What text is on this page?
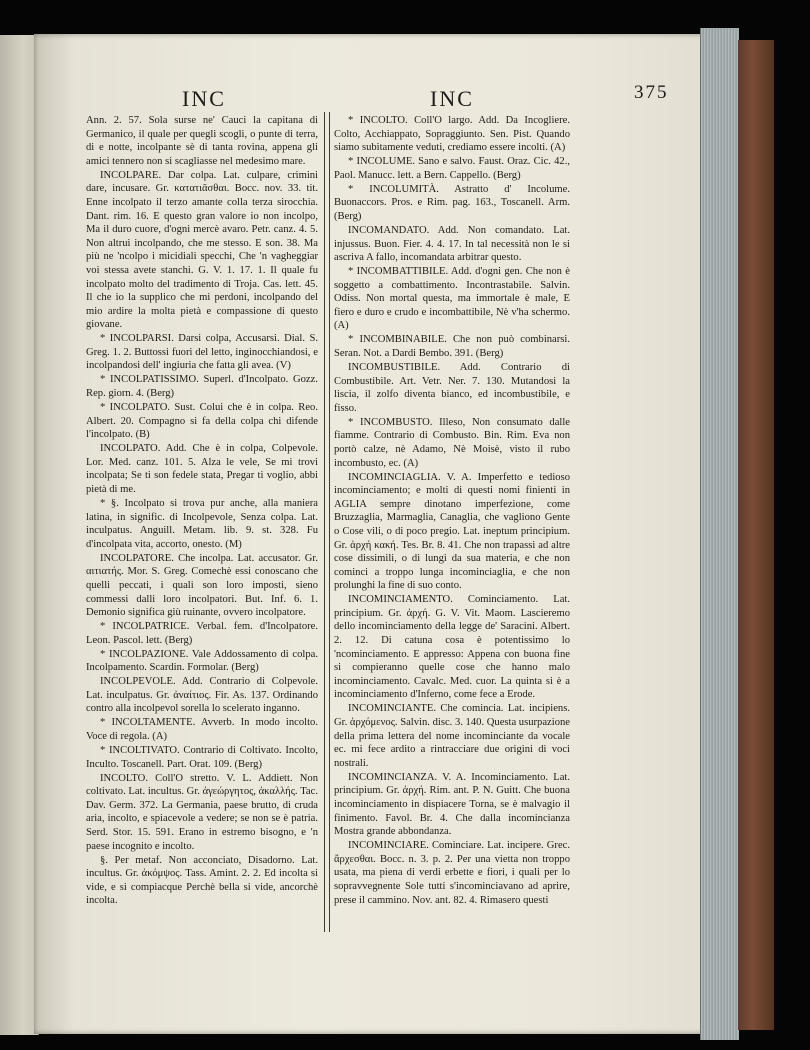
INC	INC	375

Ann. 2. 57. Sola surse ne' Cauci la capitana di Germanico, il quale per quegli scogli, o punte di terra, di e notte, incolpante sè di tanta rovina, appena gli amici tennero non si scagliasse nel medesimo mare.

INCOLPARE. Dar colpa. Lat. culpare, crimini dare, incusare. Gr. κατατιᾶσθαι. Bocc. nov. 33. tit. Enne incolpato il terzo amante colla terza sirocchia. Dant. rim. 16. E questo gran valore io non incolpo, Ma il duro cuore, d'ogni mercè avaro. Petr. canz. 4. 5. Non altrui incolpando, che me stesso. E son. 38. Ma più ne 'ncolpo i micidiali specchi, Che 'n vagheggiar voi stessa avete stanchi. G. V. 1. 17. 1. Il quale fu incolpato molto del tradimento di Troja. Cas. lett. 45. Il che io la supplico che mi perdoni, incolpando del mio ardire la molta pietà e compassione di questo giovane.

* INCOLPARSI. Darsi colpa, Accusarsi. Dial. S. Greg. 1. 2. Buttossi fuori del letto, inginocchiandosi, e incolpandosi dell' ingiuria che fatta gli avea. (V)

* INCOLPATISSIMO. Superl. d'Incolpato. Gozz. Rep. giorn. 4. (Berg)

* INCOLPATO. Sust. Colui che è in colpa. Reo. Albert. 20. Compagno si fa della colpa chi difende l'incolpato. (B)

INCOLPATO. Add. Che è in colpa, Colpevole. Lor. Med. canz. 101. 5. Alza le vele, Se mi trovi incolpata; Se ti son fedele stata, Pregar ti voglio, abbi pietà di me.

* §. Incolpato si trova pur anche, alla maniera latina, in signific. di Incolpevole, Senza colpa. Lat. inculpatus. Anguill. Metam. lib. 9. st. 328. Fu d'incolpata vita, accorto, onesto. (M)

INCOLPATORE. Che incolpa. Lat. accusator. Gr. αιτιατής. Mor. S. Greg. Comechè essi conoscano che quelli peccati, i quali son loro imposti, sieno commessi dalli loro incolpatori. But. Inf. 6. 1. Demonio significa giù ruinante, ovvero incolpatore.

* INCOLPATRICE. Verbal. fem. d'Incolpatore. Leon. Pascol. lett. (Berg)

* INCOLPAZIONE. Vale Addossamento di colpa. Incolpamento. Scardin. Formolar. (Berg)

INCOLPEVOLE. Add. Contrario di Colpevole. Lat. inculpatus. Gr. ἀναίτιος. Fir. As. 137. Ordinando contro alla incolpevol sorella lo scelerato inganno.

* INCOLTAMENTE. Avverb. In modo incolto. Voce di regola. (A)

* INCOLTIVATO. Contrario di Coltivato. Incolto, Inculto. Toscanell. Part. Orat. 109. (Berg)

INCOLTO. Coll'O stretto. V. L. Addiett. Non coltivato. Lat. incultus. Gr. ἀγεώργητος, ἀκαλλής. Tac. Dav. Germ. 372. La Germania, paese brutto, di cruda aria, incolto, e spiacevole a vedere; se non se è patria. Serd. Stor. 15. 591. Erano in estremo bisogno, e 'n paese incognito e incolto.

§. Per metaf. Non acconciato, Disadorno. Lat. incultus. Gr. ἀκόμψος. Tass. Amint. 2. 2. Ed incolta si vide, e si compiacque Perchè bella si vide, ancorchè incolta.

* INCOLTO. Coll'O largo. Add. Da Incogliere. Colto, Acchiappato, Sopraggiunto. Sen. Pist. Quando siamo subitamente veduti, crediamo essere incolti. (A)

* INCOLUME. Sano e salvo. Faust. Oraz. Cic. 42., Paol. Manucc. lett. a Bern. Cappello. (Berg)

* INCOLUMITÀ. Astratto d' Incolume. Buonaccors. Pros. e Rim. pag. 163., Toscanell. Arm. (Berg)

INCOMANDATO. Add. Non comandato. Lat. injussus. Buon. Fier. 4. 4. 17. In tal necessità non le si ascriva A fallo, incomandata arbitrar questo.

* INCOMBATTIBILE. Add. d'ogni gen. Che non è soggetto a combattimento. Incontrastabile. Salvin. Odiss. Non mortal questa, ma immortale è male, E fiero e duro e crudo e incombattibile, Nè v'ha schermo. (A)

* INCOMBINABILE. Che non può combinarsi. Seran. Not. a Dardi Bembo. 391. (Berg)

INCOMBUSTIBILE. Add. Contrario di Combustibile. Art. Vetr. Ner. 7. 130. Mutandosi la liscia, il zolfo diventa bianco, ed incombustibile, e fisso.

* INCOMBUSTO. Illeso, Non consumato dalle fiamme. Contrario di Combusto. Bin. Rim. Eva non portò calze, nè Adamo, Nè Moisè, visto il rubo incombusto, ec. (A)

INCOMINCIAGLIA. V. A. Imperfetto e tedioso incominciamento; e molti di questi nomi finienti in AGLIA sempre dinotano imperfezione, come Bruzzaglia, Marmaglia, Canaglia, che vagliono Gente o Cose vili, o di poco pregio. Lat. ineptum principium. Gr. ἀρχή κακή. Tes. Br. 8. 41. Che non trapassi ad altre cose dissimili, o di lungi da sua materia, e che non cominci a troppo lunga incominciaglia, e che non prolunghi la fine di suo conto.

INCOMINCIAMENTO. Cominciamento. Lat. principium. Gr. ἀρχή. G. V. Vit. Maom. Lascieremo dello incominciamento della legge de' Saracini. Albert. 2. 12. Di catuna cosa è potentissimo lo 'ncominciamento. E appresso: Appena con buona fine si compieranno quelle cose che hanno malo incominciamento. Cavalc. Med. cuor. La quinta si è a incominciamento d'Inferno, come fece a Erode.

INCOMINCIANTE. Che comincia. Lat. incipiens. Gr. ἀρχόμενος. Salvin. disc. 3. 140. Questa usurpazione della prima lettera del nome incominciante da vocale ec. mi fece ardito a rintracciare due origini di voci nostrali.

INCOMINCIANZA. V. A. Incominciamento. Lat. principium. Gr. ἀρχή. Rim. ant. P. N. Guitt. Che buona incominciamento in dispiacere Torna, se è malvagio il finimento. Favol. Br. 4. Che dalla incomincianza Mostra grande abbondanza.

INCOMINCIARE. Cominciare. Lat. incipere. Grec. ἄρχεσθαι. Bocc. n. 3. p. 2. Per una vietta non troppo usata, ma piena di verdi erbette e fiori, i quali per lo sopravvegnente Sole tutti s'incominciavano ad aprire, prese il cammino. Nov. ant. 82. 4. Rimasero questi
